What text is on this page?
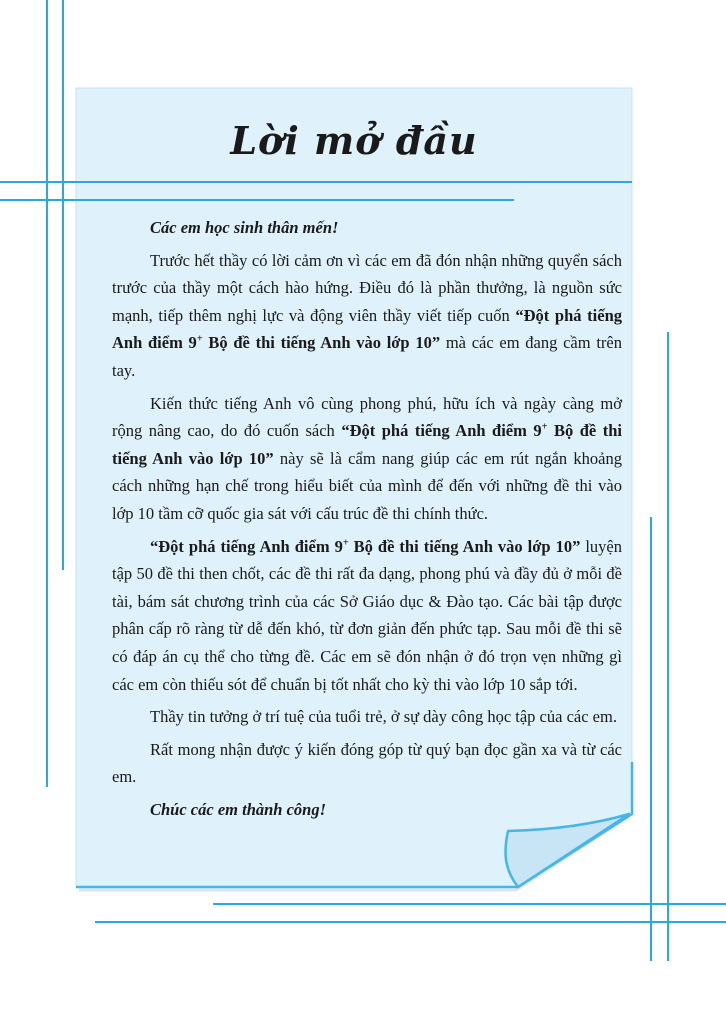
Lời mở đầu

Các em học sinh thân mến!

Trước hết thầy có lời cảm ơn vì các em đã đón nhận những quyển sách trước của thầy một cách hào hứng. Điều đó là phần thưởng, là nguồn sức mạnh, tiếp thêm nghị lực và động viên thầy viết tiếp cuốn “Đột phá tiếng Anh điểm 9+ Bộ đề thi tiếng Anh vào lớp 10” mà các em đang cầm trên tay.

Kiến thức tiếng Anh vô cùng phong phú, hữu ích và ngày càng mở rộng nâng cao, do đó cuốn sách “Đột phá tiếng Anh điểm 9+ Bộ đề thi tiếng Anh vào lớp 10” này sẽ là cẩm nang giúp các em rút ngắn khoảng cách những hạn chế trong hiểu biết của mình để đến với những đề thi vào lớp 10 tầm cỡ quốc gia sát với cấu trúc đề thi chính thức.

“Đột phá tiếng Anh điểm 9+ Bộ đề thi tiếng Anh vào lớp 10” luyện tập 50 đề thi then chốt, các đề thi rất đa dạng, phong phú và đầy đủ ở mỗi đề tài, bám sát chương trình của các Sở Giáo dục & Đào tạo. Các bài tập được phân cấp rõ ràng từ dễ đến khó, từ đơn giản đến phức tạp. Sau mỗi đề thi sẽ có đáp án cụ thể cho từng đề. Các em sẽ đón nhận ở đó trọn vẹn những gì các em còn thiếu sót để chuẩn bị tốt nhất cho kỳ thi vào lớp 10 sắp tới.

Thầy tin tưởng ở trí tuệ của tuổi trẻ, ở sự dày công học tập của các em.

Rất mong nhận được ý kiến đóng góp từ quý bạn đọc gần xa và từ các em.

Chúc các em thành công!
